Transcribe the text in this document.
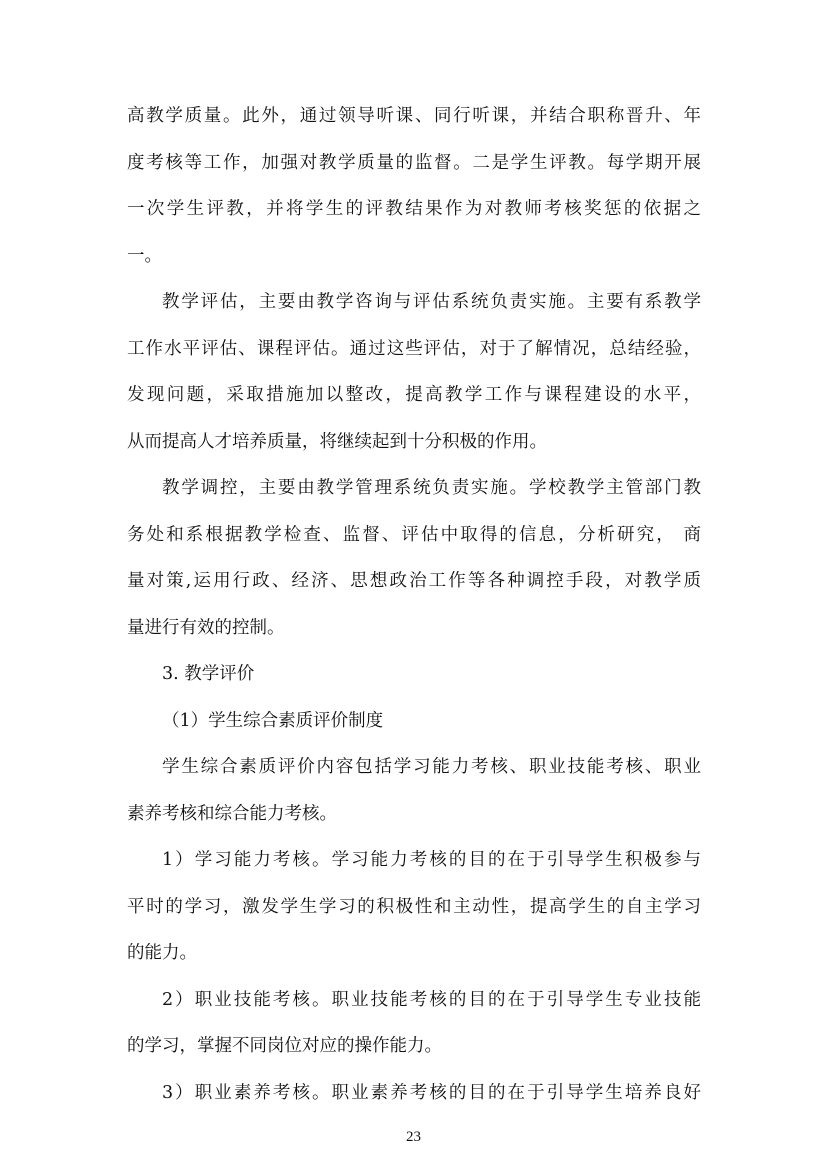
高教学质量。此外，通过领导听课、同行听课，并结合职称晋升、年
度考核等工作，加强对教学质量的监督。二是学生评教。每学期开展
一次学生评教，并将学生的评教结果作为对教师考核奖惩的依据之
一。
教学评估，主要由教学咨询与评估系统负责实施。主要有系教学
工作水平评估、课程评估。通过这些评估，对于了解情况，总结经验，
发现问题，采取措施加以整改，提高教学工作与课程建设的水平，
从而提高人才培养质量，将继续起到十分积极的作用。
教学调控，主要由教学管理系统负责实施。学校教学主管部门教
务处和系根据教学检查、监督、评估中取得的信息，分析研究， 商
量对策,运用行政、经济、思想政治工作等各种调控手段，对教学质
量进行有效的控制。
3. 教学评价
（1）学生综合素质评价制度
学生综合素质评价内容包括学习能力考核、职业技能考核、职业
素养考核和综合能力考核。
1）学习能力考核。学习能力考核的目的在于引导学生积极参与
平时的学习，激发学生学习的积极性和主动性，提高学生的自主学习
的能力。
2）职业技能考核。职业技能考核的目的在于引导学生专业技能
的学习，掌握不同岗位对应的操作能力。
3）职业素养考核。职业素养考核的目的在于引导学生培养良好
23
